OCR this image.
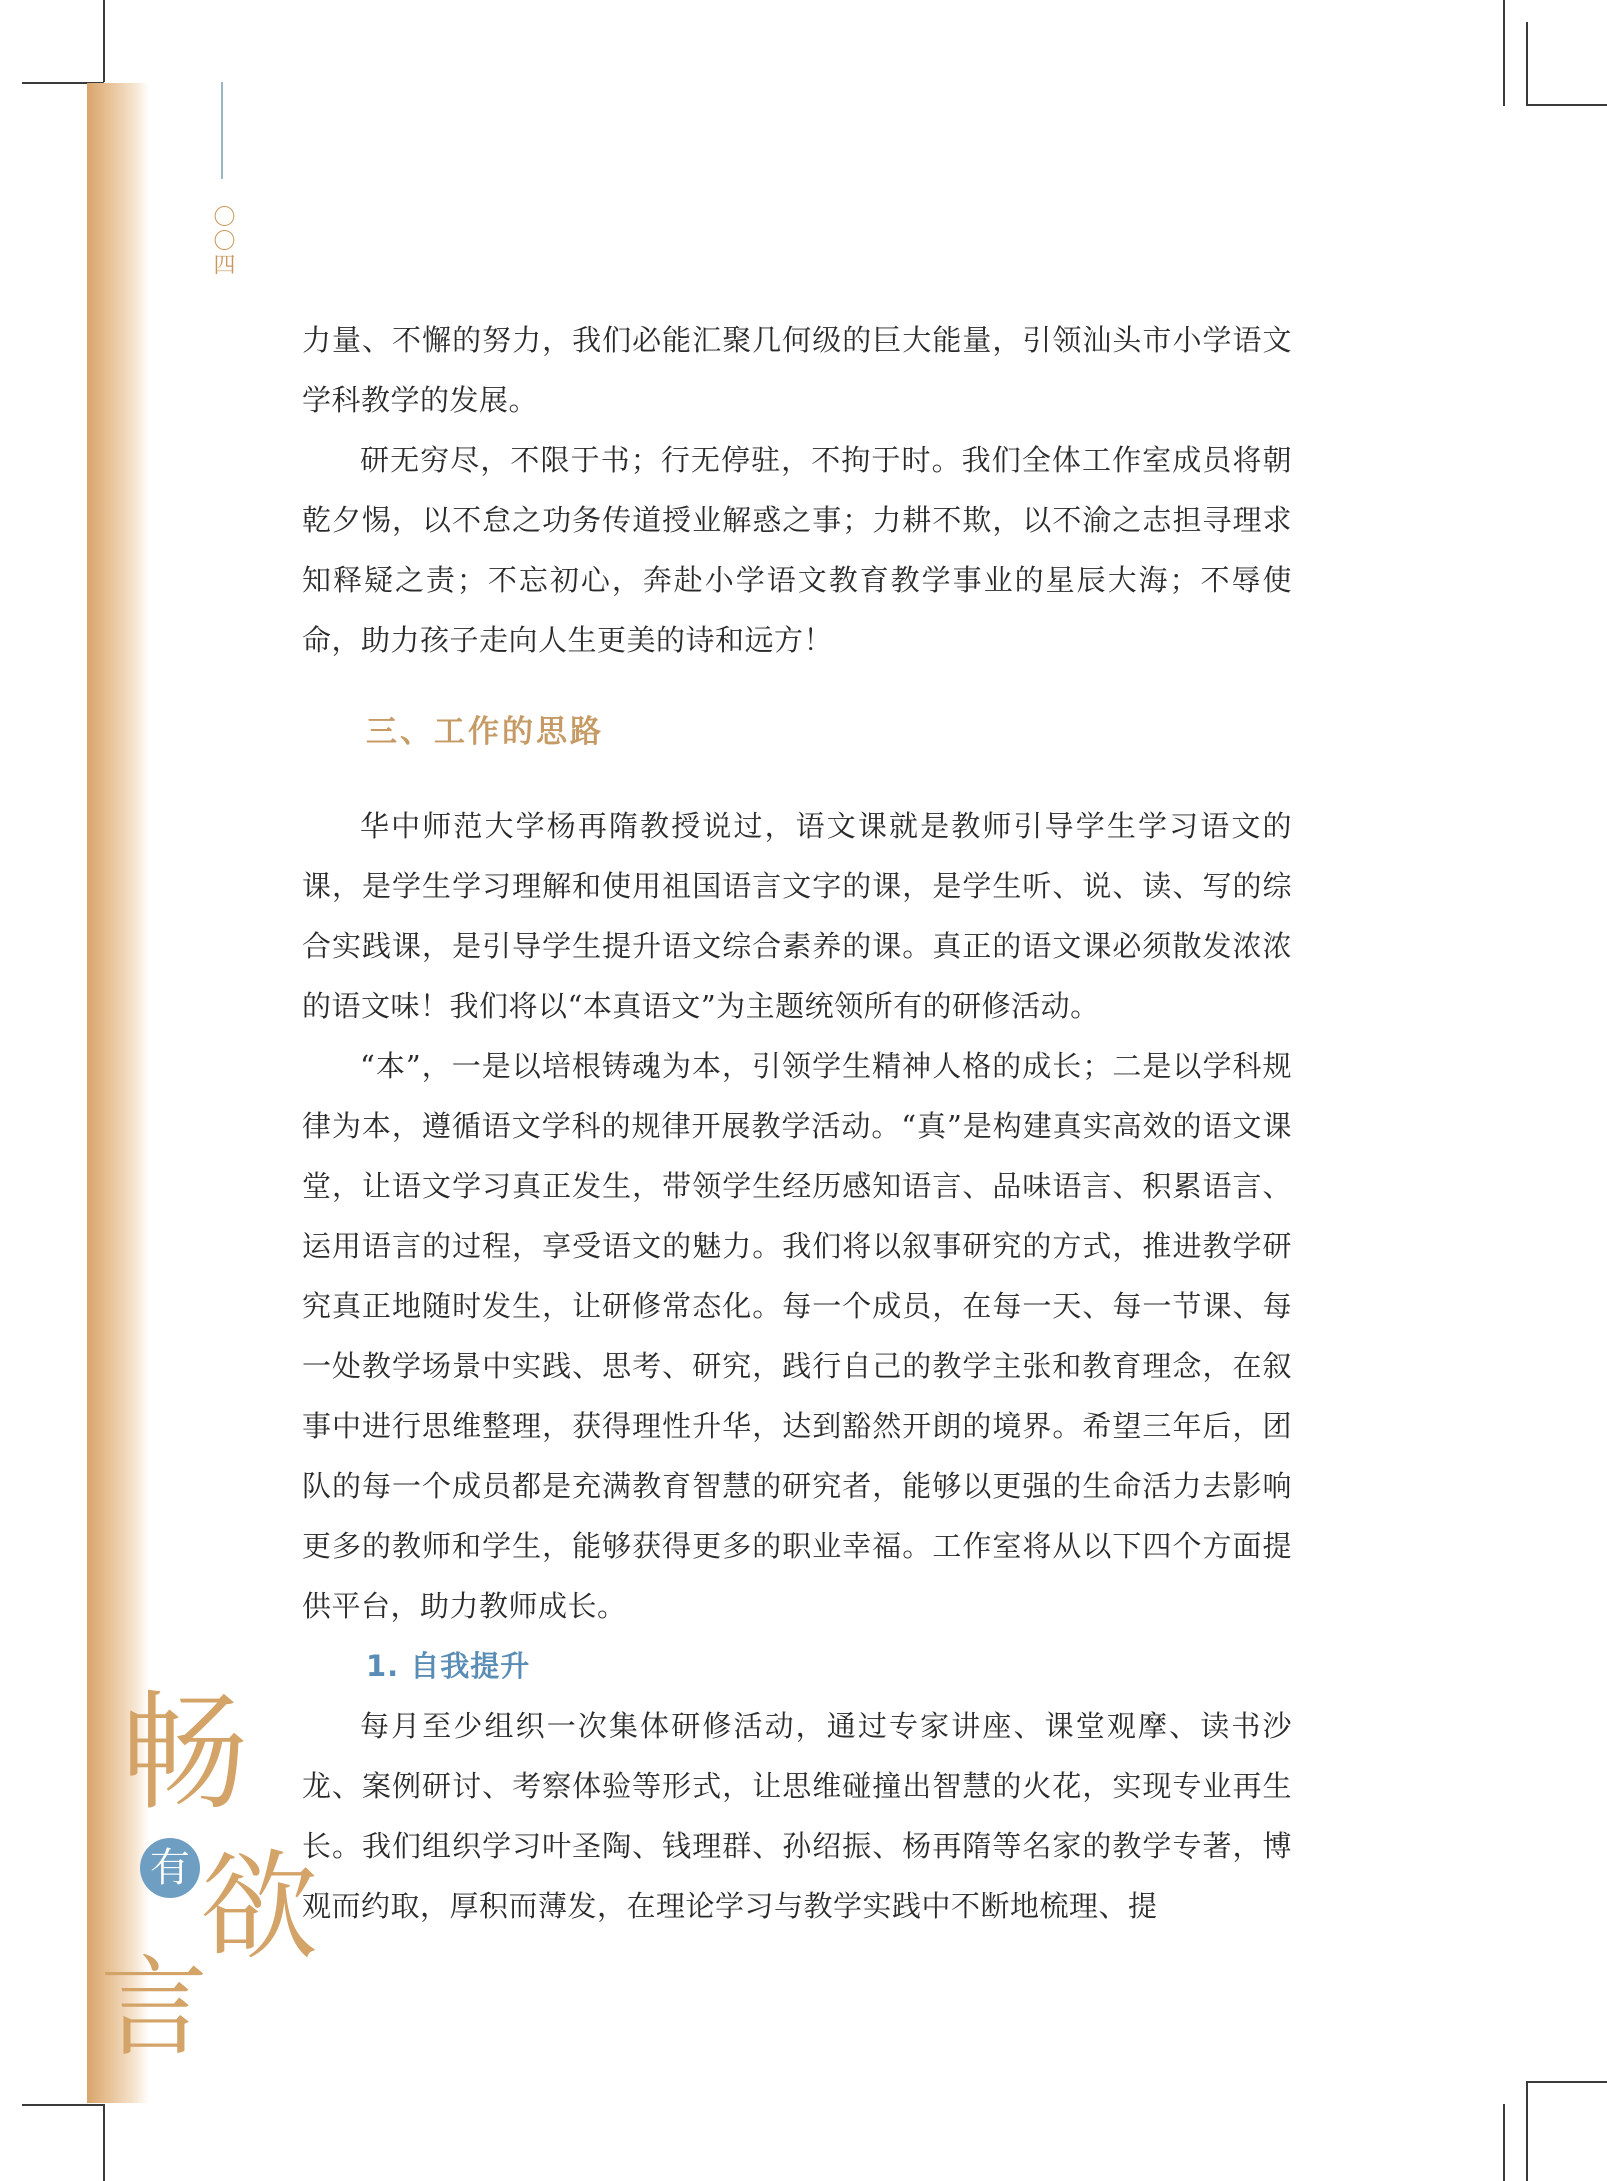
〇〇四

力量、不懈的努力，我们必能汇聚几何级的巨大能量，引领汕头市小学语文学科教学的发展。

研无穷尽，不限于书；行无停驻，不拘于时。我们全体工作室成员将朝乾夕惕，以不怠之功务传道授业解惑之事；力耕不欺，以不渝之志担寻理求知释疑之责；不忘初心，奔赴小学语文教育教学事业的星辰大海；不辱使命，助力孩子走向人生更美的诗和远方！

三、工作的思路

华中师范大学杨再隋教授说过，语文课就是教师引导学生学习语文的课，是学生学习理解和使用祖国语言文字的课，是学生听、说、读、写的综合实践课，是引导学生提升语文综合素养的课。真正的语文课必须散发浓浓的语文味！我们将以“本真语文”为主题统领所有的研修活动。

“本”，一是以培根铸魂为本，引领学生精神人格的成长；二是以学科规律为本，遵循语文学科的规律开展教学活动。“真”是构建真实高效的语文课堂，让语文学习真正发生，带领学生经历感知语言、品味语言、积累语言、运用语言的过程，享受语文的魅力。我们将以叙事研究的方式，推进教学研究真正地随时发生，让研修常态化。每一个成员，在每一天、每一节课、每一处教学场景中实践、思考、研究，践行自己的教学主张和教育理念，在叙事中进行思维整理，获得理性升华，达到豁然开朗的境界。希望三年后，团队的每一个成员都是充满教育智慧的研究者，能够以更强的生命活力去影响更多的教师和学生，能够获得更多的职业幸福。工作室将从以下四个方面提供平台，助力教师成长。

1. 自我提升

每月至少组织一次集体研修活动，通过专家讲座、课堂观摩、读书沙龙、案例研讨、考察体验等形式，让思维碰撞出智慧的火花，实现专业再生长。我们组织学习叶圣陶、钱理群、孙绍振、杨再隋等名家的教学专著，博观而约取，厚积而薄发，在理论学习与教学实践中不断地梳理、提

畅
有 欲
言
